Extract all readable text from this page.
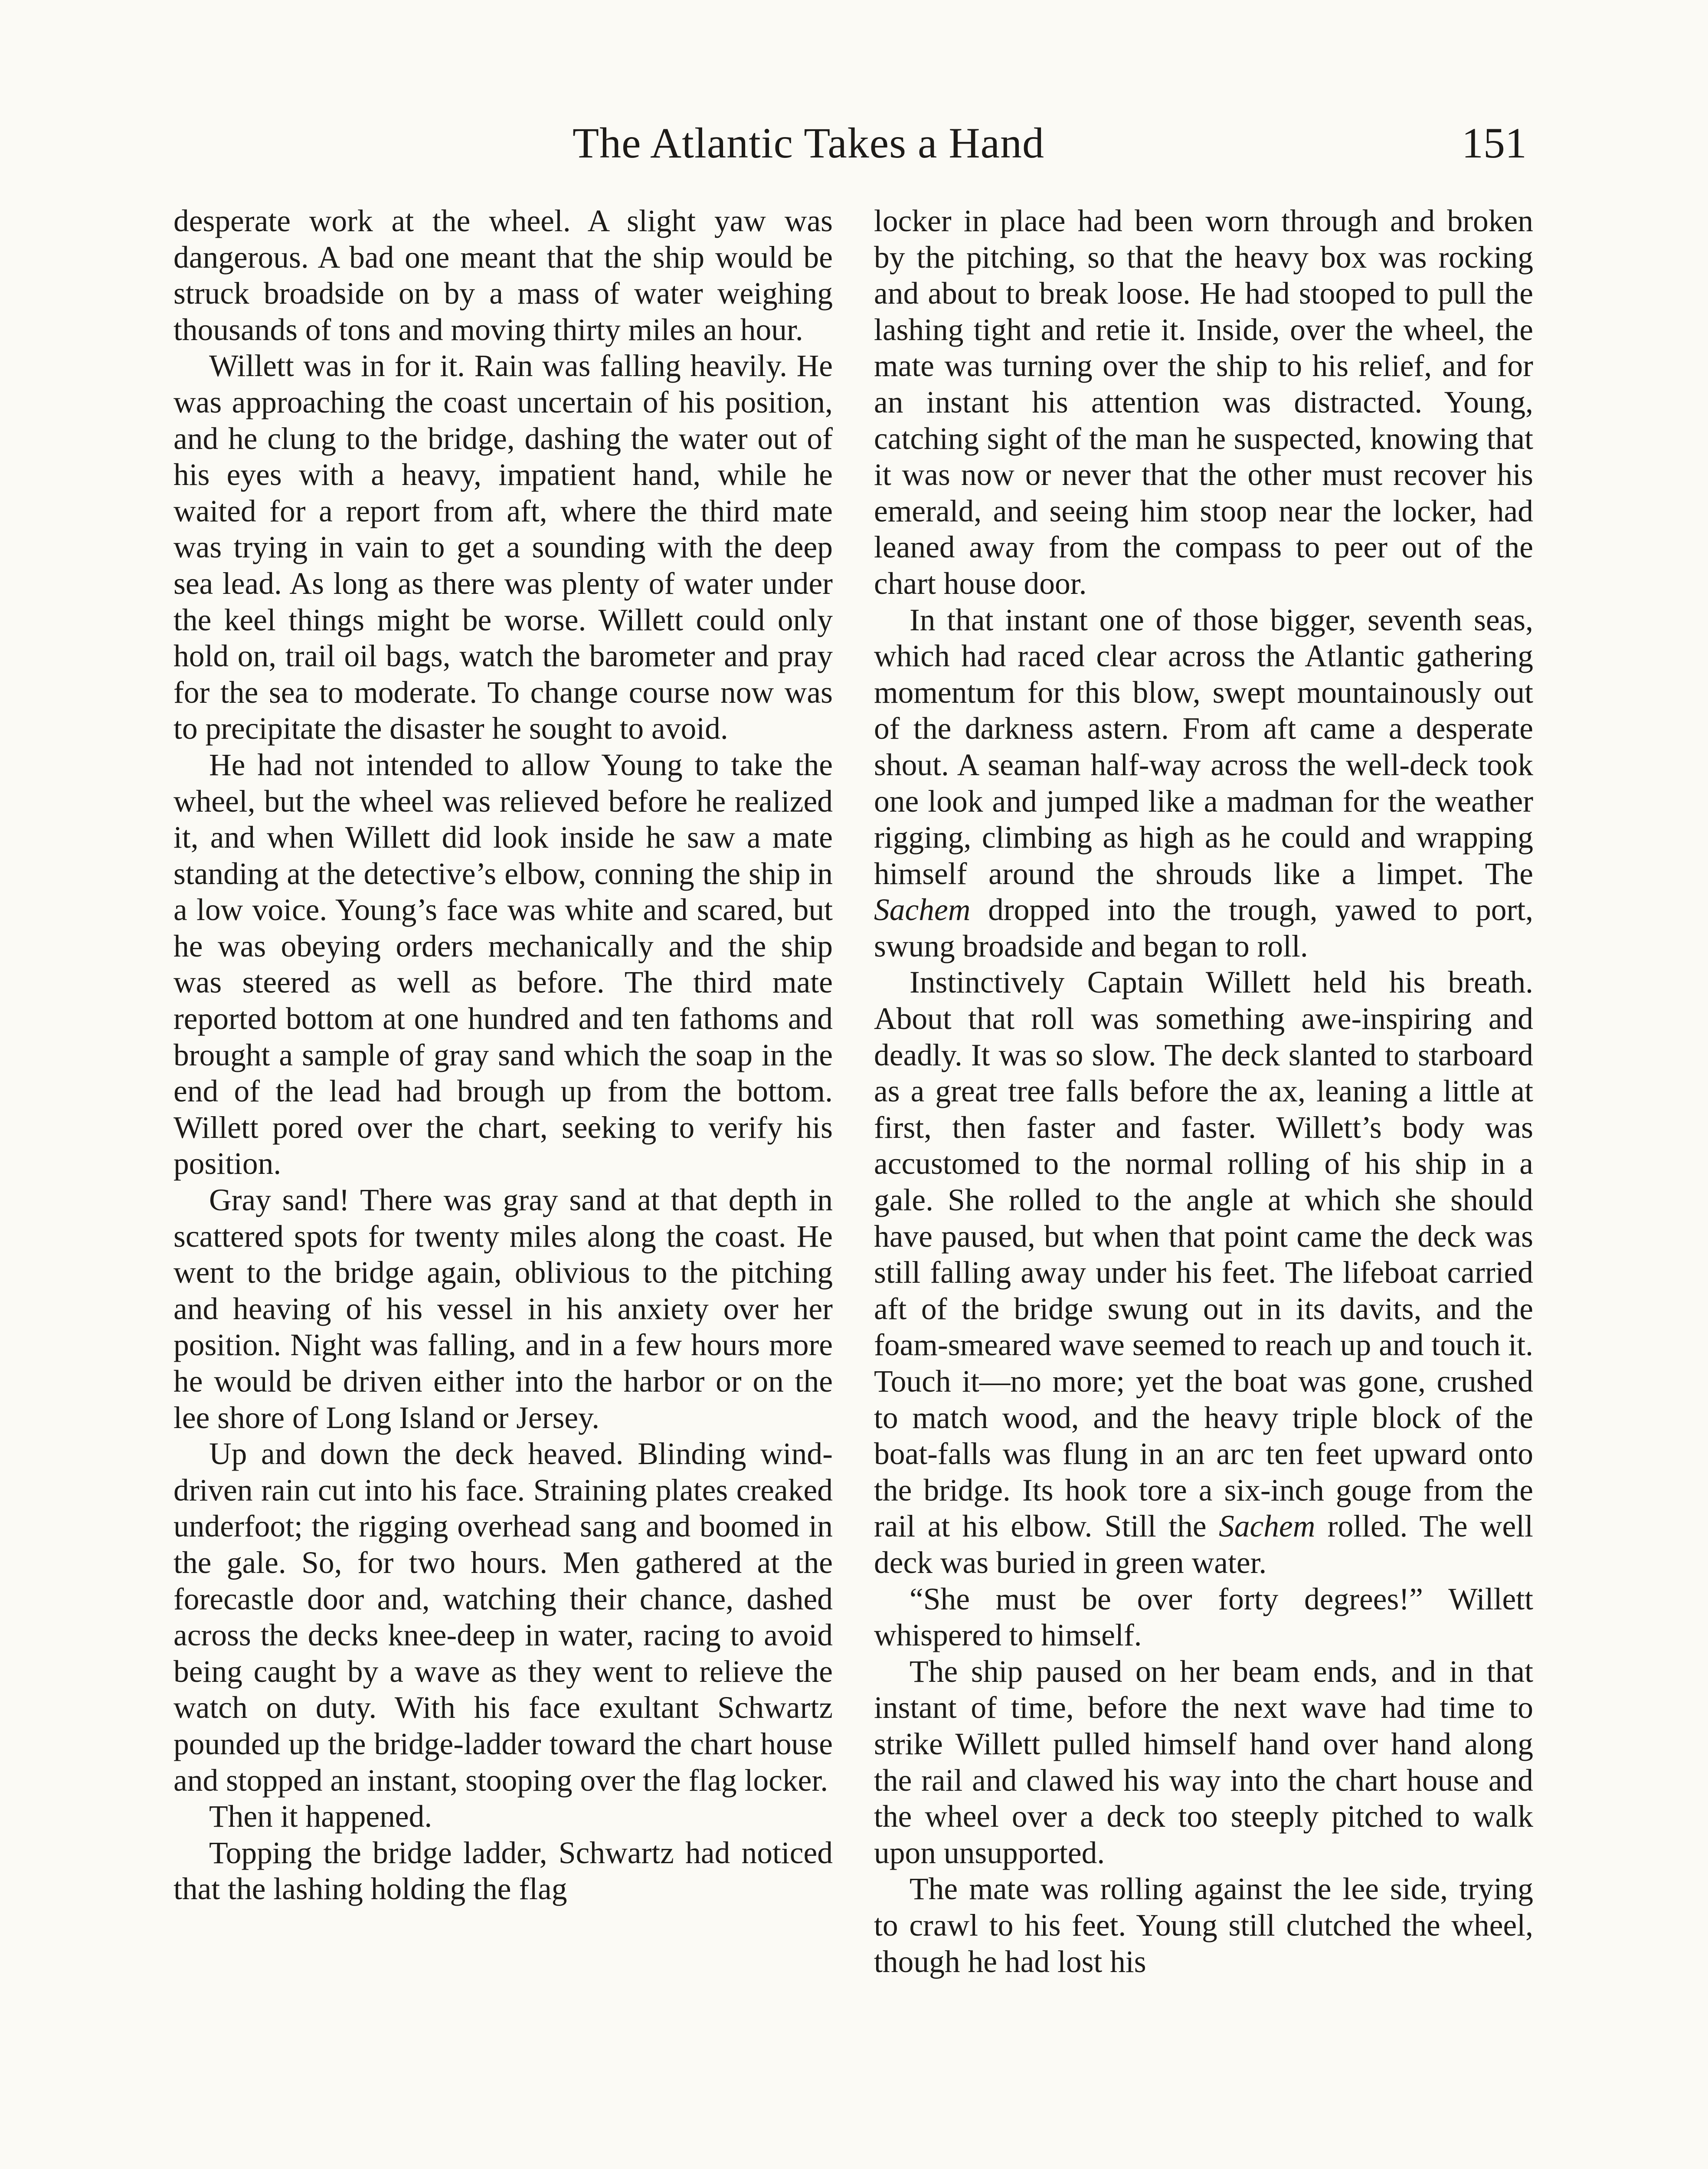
The Atlantic Takes a Hand	151

desperate work at the wheel. A slight yaw was dangerous. A bad one meant that the ship would be struck broadside on by a mass of water weighing thousands of tons and moving thirty miles an hour.

Willett was in for it. Rain was falling heavily. He was approaching the coast uncertain of his position, and he clung to the bridge, dashing the water out of his eyes with a heavy, impatient hand, while he waited for a report from aft, where the third mate was trying in vain to get a sounding with the deep sea lead. As long as there was plenty of water under the keel things might be worse. Willett could only hold on, trail oil bags, watch the barometer and pray for the sea to moderate. To change course now was to precipitate the disaster he sought to avoid.

He had not intended to allow Young to take the wheel, but the wheel was relieved before he realized it, and when Willett did look inside he saw a mate standing at the detective’s elbow, conning the ship in a low voice. Young’s face was white and scared, but he was obeying orders mechanically and the ship was steered as well as before. The third mate reported bottom at one hundred and ten fathoms and brought a sample of gray sand which the soap in the end of the lead had brough up from the bottom. Willett pored over the chart, seeking to verify his position.

Gray sand! There was gray sand at that depth in scattered spots for twenty miles along the coast. He went to the bridge again, oblivious to the pitching and heaving of his vessel in his anxiety over her position. Night was falling, and in a few hours more he would be driven either into the harbor or on the lee shore of Long Island or Jersey.

Up and down the deck heaved. Blinding wind-driven rain cut into his face. Straining plates creaked underfoot; the rigging overhead sang and boomed in the gale. So, for two hours. Men gathered at the forecastle door and, watching their chance, dashed across the decks knee-deep in water, racing to avoid being caught by a wave as they went to relieve the watch on duty. With his face exultant Schwartz pounded up the bridge-ladder toward the chart house and stopped an instant, stooping over the flag locker.

Then it happened.

Topping the bridge ladder, Schwartz had noticed that the lashing holding the flag

locker in place had been worn through and broken by the pitching, so that the heavy box was rocking and about to break loose. He had stooped to pull the lashing tight and retie it. Inside, over the wheel, the mate was turning over the ship to his relief, and for an instant his attention was distracted. Young, catching sight of the man he suspected, knowing that it was now or never that the other must recover his emerald, and seeing him stoop near the locker, had leaned away from the compass to peer out of the chart house door.

In that instant one of those bigger, seventh seas, which had raced clear across the Atlantic gathering momentum for this blow, swept mountainously out of the darkness astern. From aft came a desperate shout. A seaman half-way across the well-deck took one look and jumped like a madman for the weather rigging, climbing as high as he could and wrapping himself around the shrouds like a limpet. The Sachem dropped into the trough, yawed to port, swung broadside and began to roll.

Instinctively Captain Willett held his breath. About that roll was something awe-inspiring and deadly. It was so slow. The deck slanted to starboard as a great tree falls before the ax, leaning a little at first, then faster and faster. Willett’s body was accustomed to the normal rolling of his ship in a gale. She rolled to the angle at which she should have paused, but when that point came the deck was still falling away under his feet. The lifeboat carried aft of the bridge swung out in its davits, and the foam-smeared wave seemed to reach up and touch it. Touch it—no more; yet the boat was gone, crushed to match wood, and the heavy triple block of the boat-falls was flung in an arc ten feet upward onto the bridge. Its hook tore a six-inch gouge from the rail at his elbow. Still the Sachem rolled. The well deck was buried in green water.

“She must be over forty degrees!” Willett whispered to himself.

The ship paused on her beam ends, and in that instant of time, before the next wave had time to strike Willett pulled himself hand over hand along the rail and clawed his way into the chart house and the wheel over a deck too steeply pitched to walk upon unsupported.

The mate was rolling against the lee side, trying to crawl to his feet. Young still clutched the wheel, though he had lost his
